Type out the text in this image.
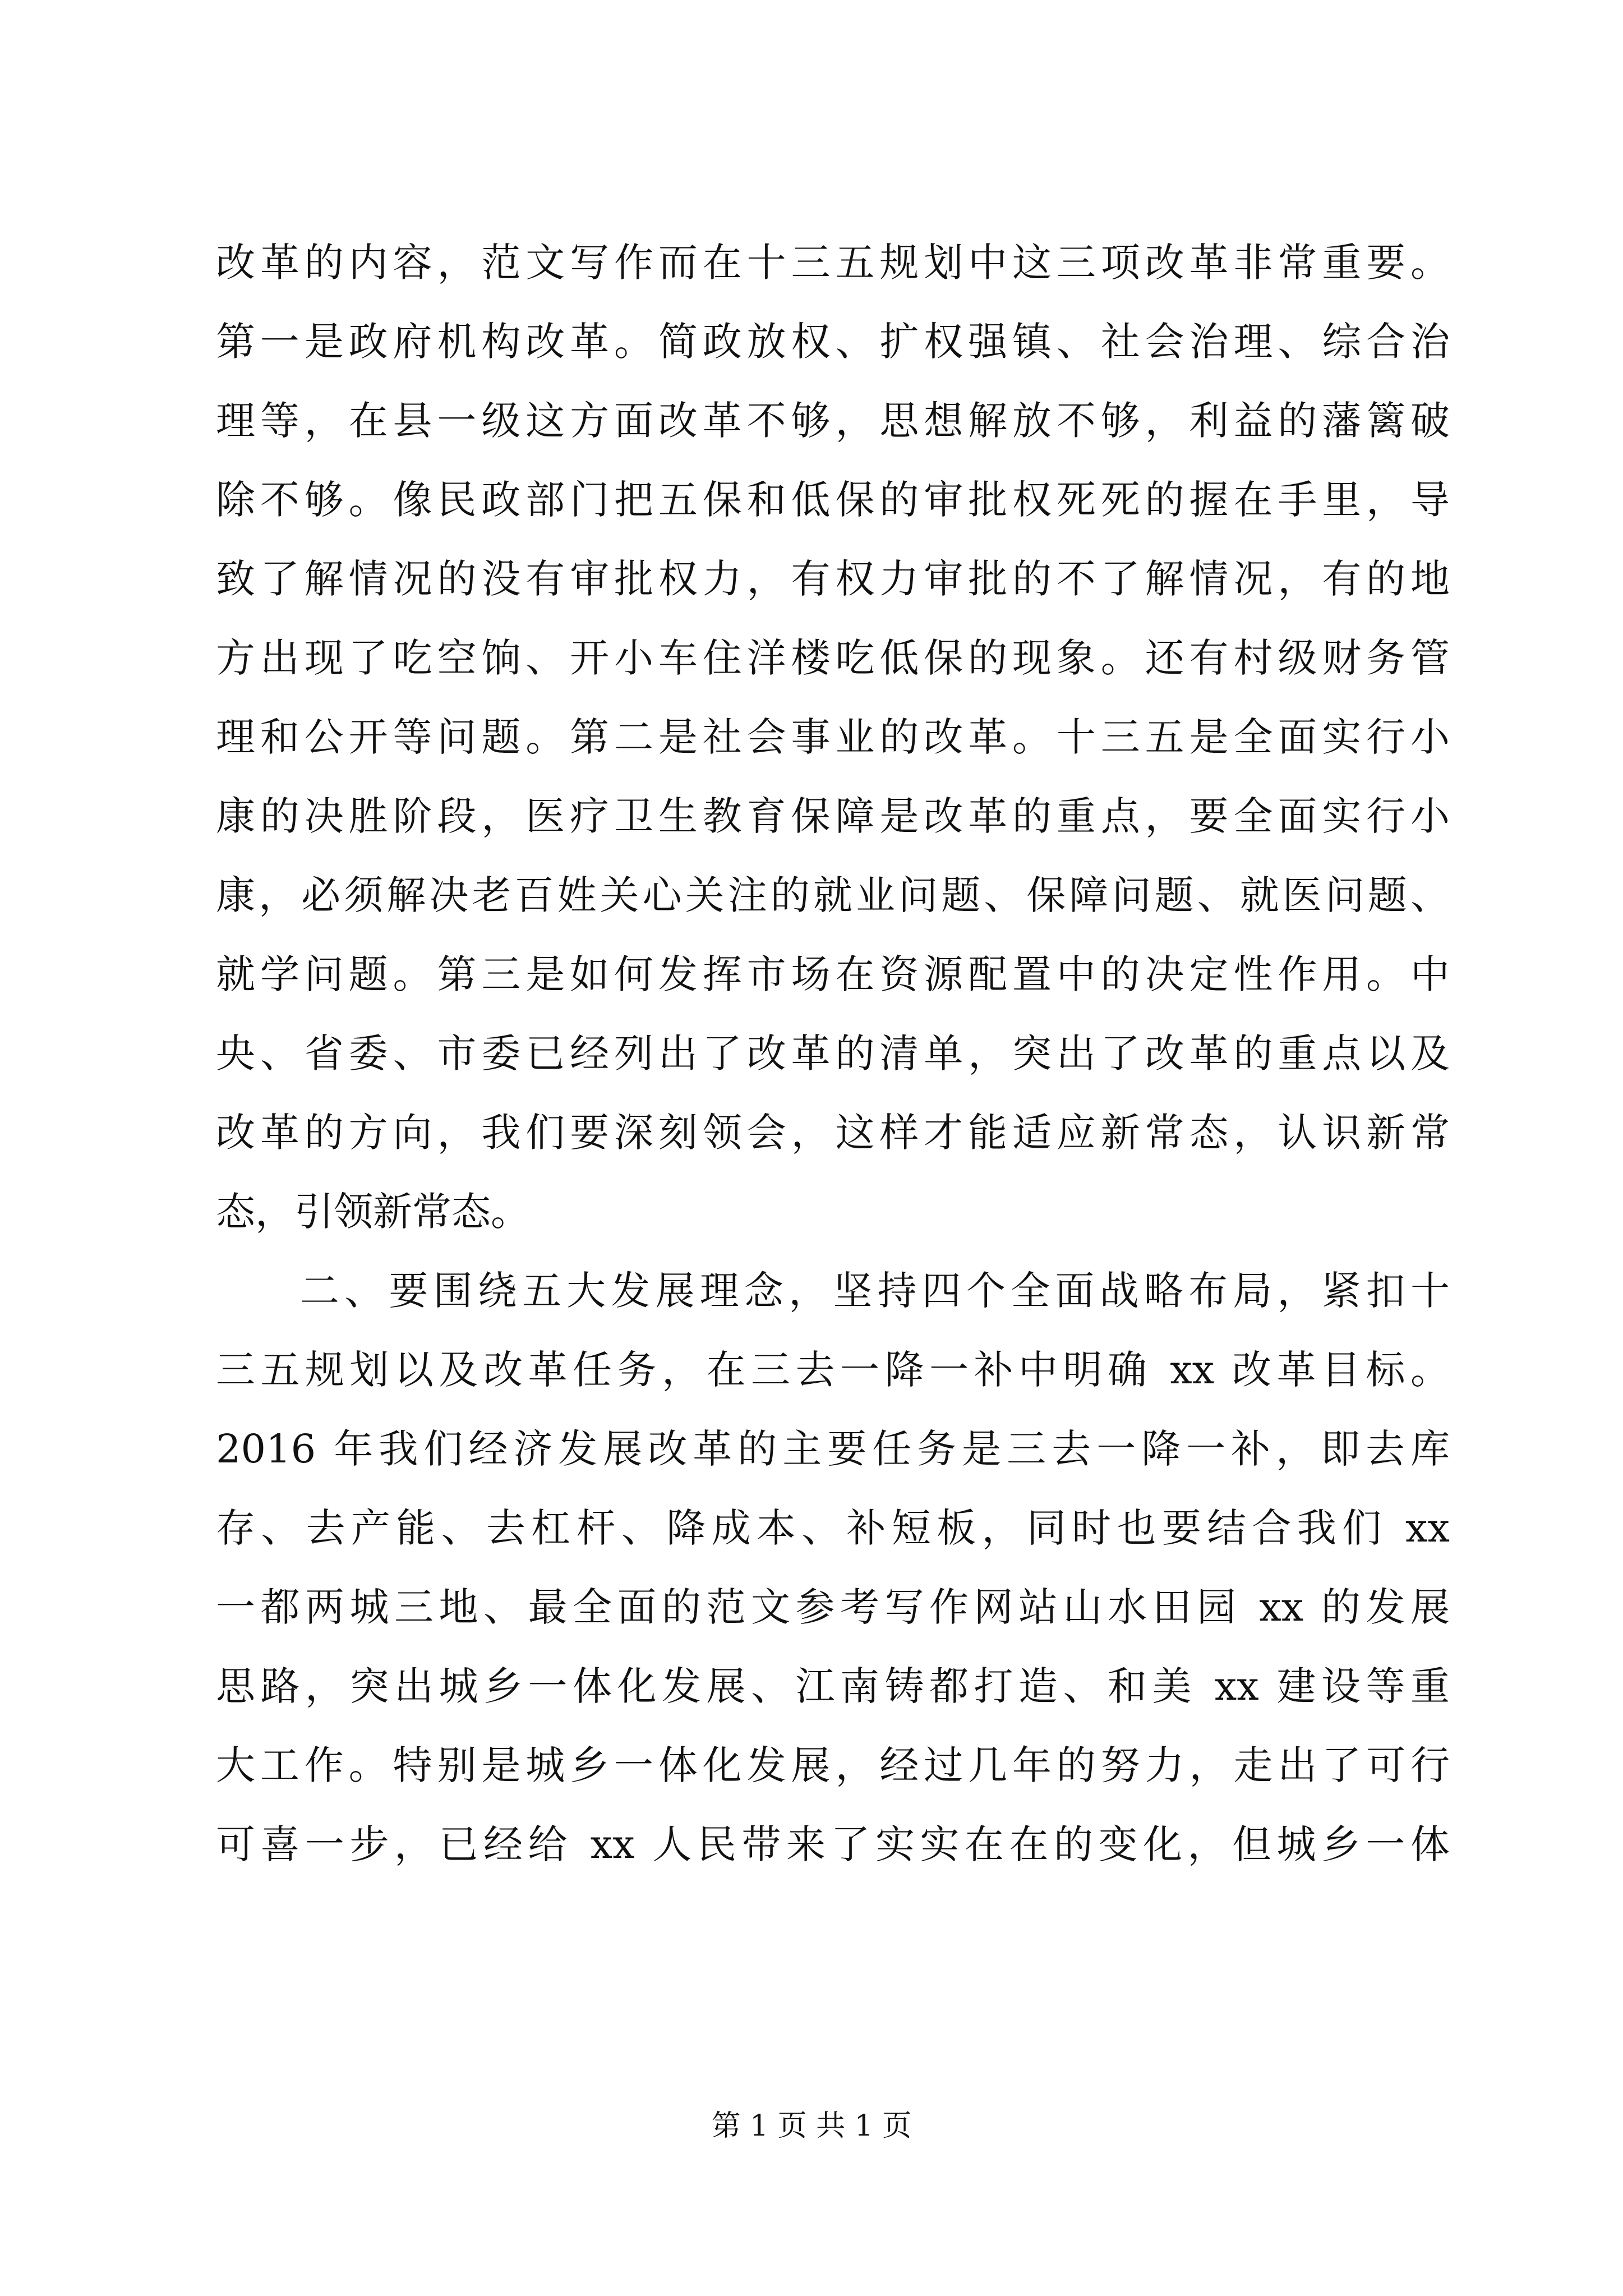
改革的内容，范文写作而在十三五规划中这三项改革非常重要。
第一是政府机构改革。简政放权、扩权强镇、社会治理、综合治
理等，在县一级这方面改革不够，思想解放不够，利益的藩篱破
除不够。像民政部门把五保和低保的审批权死死的握在手里，导
致了解情况的没有审批权力，有权力审批的不了解情况，有的地
方出现了吃空饷、开小车住洋楼吃低保的现象。还有村级财务管
理和公开等问题。第二是社会事业的改革。十三五是全面实行小
康的决胜阶段，医疗卫生教育保障是改革的重点，要全面实行小
康，必须解决老百姓关心关注的就业问题、保障问题、就医问题、
就学问题。第三是如何发挥市场在资源配置中的决定性作用。中
央、省委、市委已经列出了改革的清单，突出了改革的重点以及
改革的方向，我们要深刻领会，这样才能适应新常态，认识新常
态，引领新常态。
二、要围绕五大发展理念，坚持四个全面战略布局，紧扣十
三五规划以及改革任务，在三去一降一补中明确 xx 改革目标。
2016 年我们经济发展改革的主要任务是三去一降一补，即去库
存、去产能、去杠杆、降成本、补短板，同时也要结合我们 xx
一都两城三地、最全面的范文参考写作网站山水田园 xx 的发展
思路，突出城乡一体化发展、江南铸都打造、和美 xx 建设等重
大工作。特别是城乡一体化发展，经过几年的努力，走出了可行
可喜一步，已经给 xx 人民带来了实实在在的变化，但城乡一体
第 1 页 共 1 页
